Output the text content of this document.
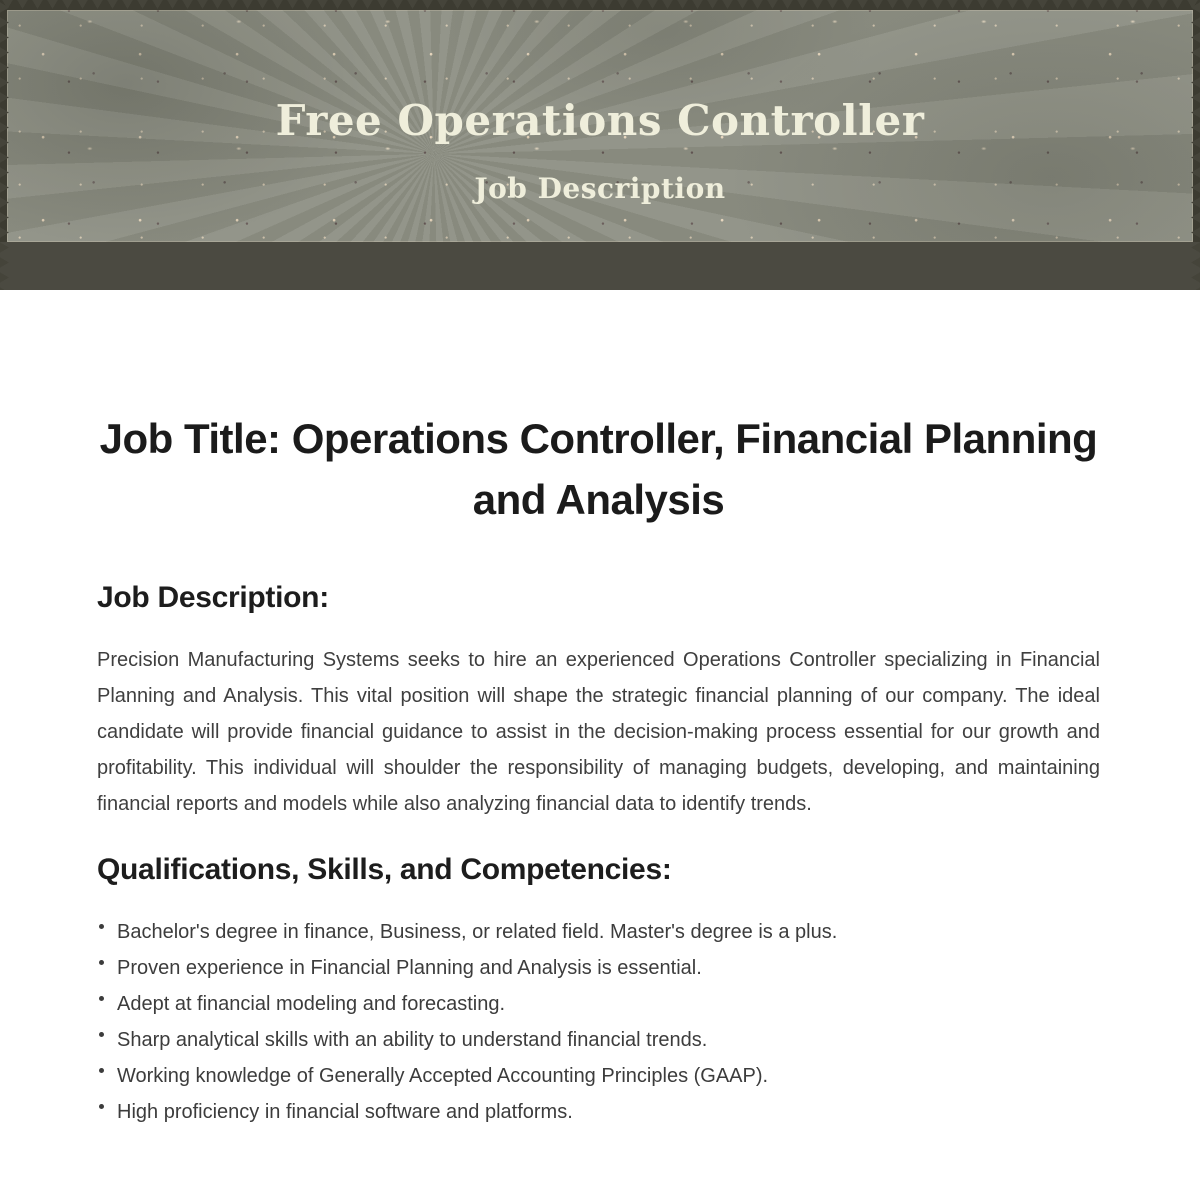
Free Operations Controller
Job Description
Job Title: Operations Controller, Financial Planning and Analysis
Job Description:

Precision Manufacturing Systems seeks to hire an experienced Operations Controller specializing in Financial Planning and Analysis. This vital position will shape the strategic financial planning of our company. The ideal candidate will provide financial guidance to assist in the decision-making process essential for our growth and profitability. This individual will shoulder the responsibility of managing budgets, developing, and maintaining financial reports and models while also analyzing financial data to identify trends.

Qualifications, Skills, and Competencies:
Bachelor's degree in finance, Business, or related field. Master's degree is a plus.
Proven experience in Financial Planning and Analysis is essential.
Adept at financial modeling and forecasting.
Sharp analytical skills with an ability to understand financial trends.
Working knowledge of Generally Accepted Accounting Principles (GAAP).
High proficiency in financial software and platforms.
